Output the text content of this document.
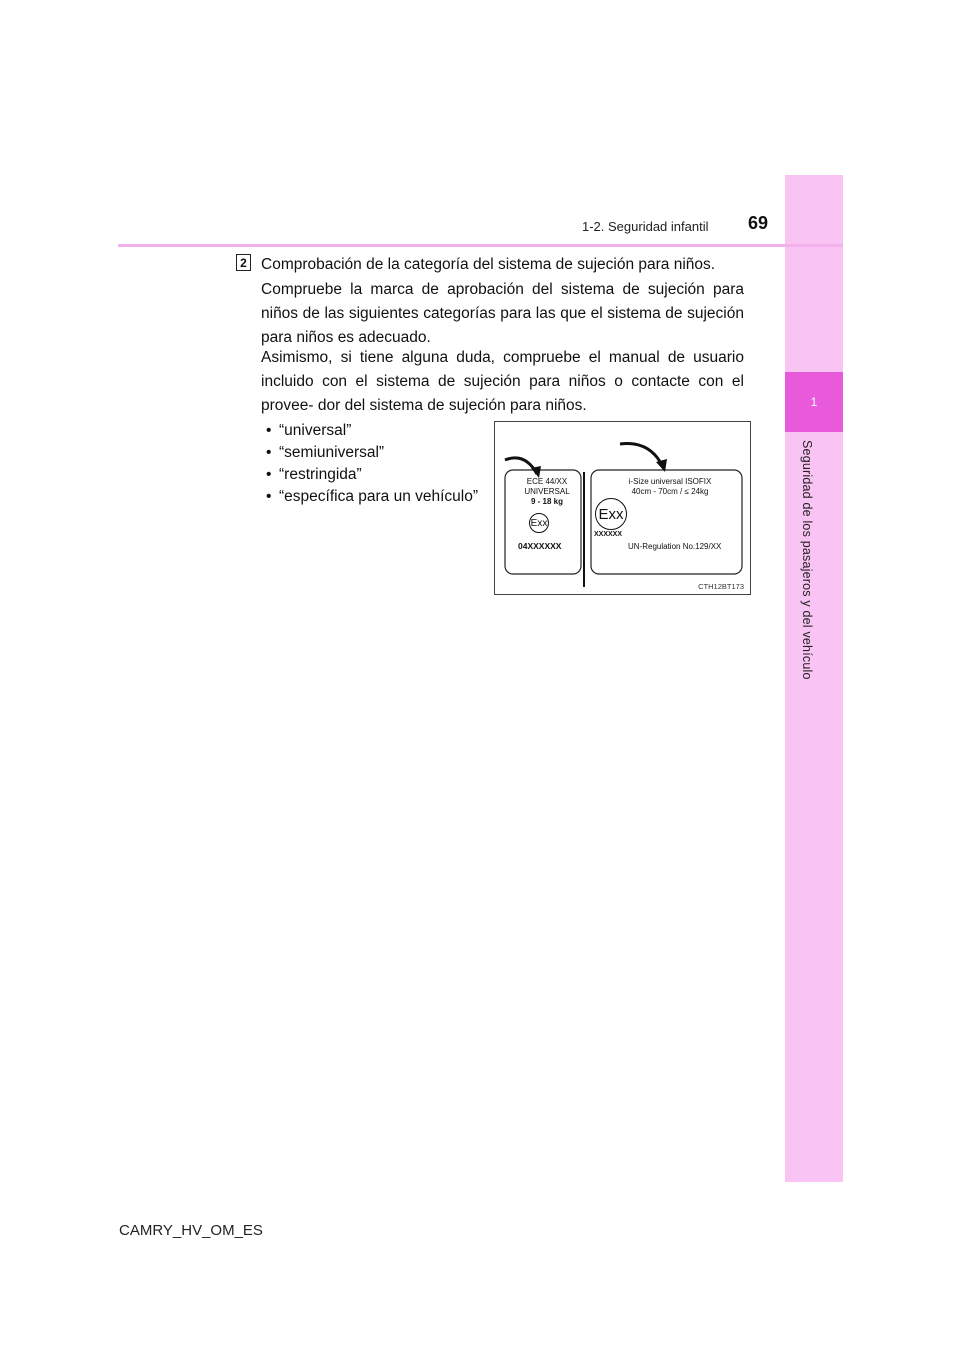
1
Seguridad de los pasajeros y del vehículo
1-2. Seguridad infantil 69
2 Comprobación de la categoría del sistema de sujeción para niños.
Compruebe la marca de aprobación del sistema de sujeción para niños de las siguientes categorías para las que el sistema de sujeción para niños es adecuado.
Asimismo, si tiene alguna duda, compruebe el manual de usuario incluido con el sistema de sujeción para niños o contacte con el provee- dor del sistema de sujeción para niños.
• “universal”
• “semiuniversal”
• “restringida”
• “específica para un vehículo”
CTH12BT173
ECE 44/XX
UNIVERSAL
9 - 18 kg
Exx
04XXXXXX
i-Size universal ISOFIX
40cm - 70cm / ≤ 24kg
Exx
XXXXXX
UN-Regulation No.129/XX
CAMRY_HV_OM_ES
